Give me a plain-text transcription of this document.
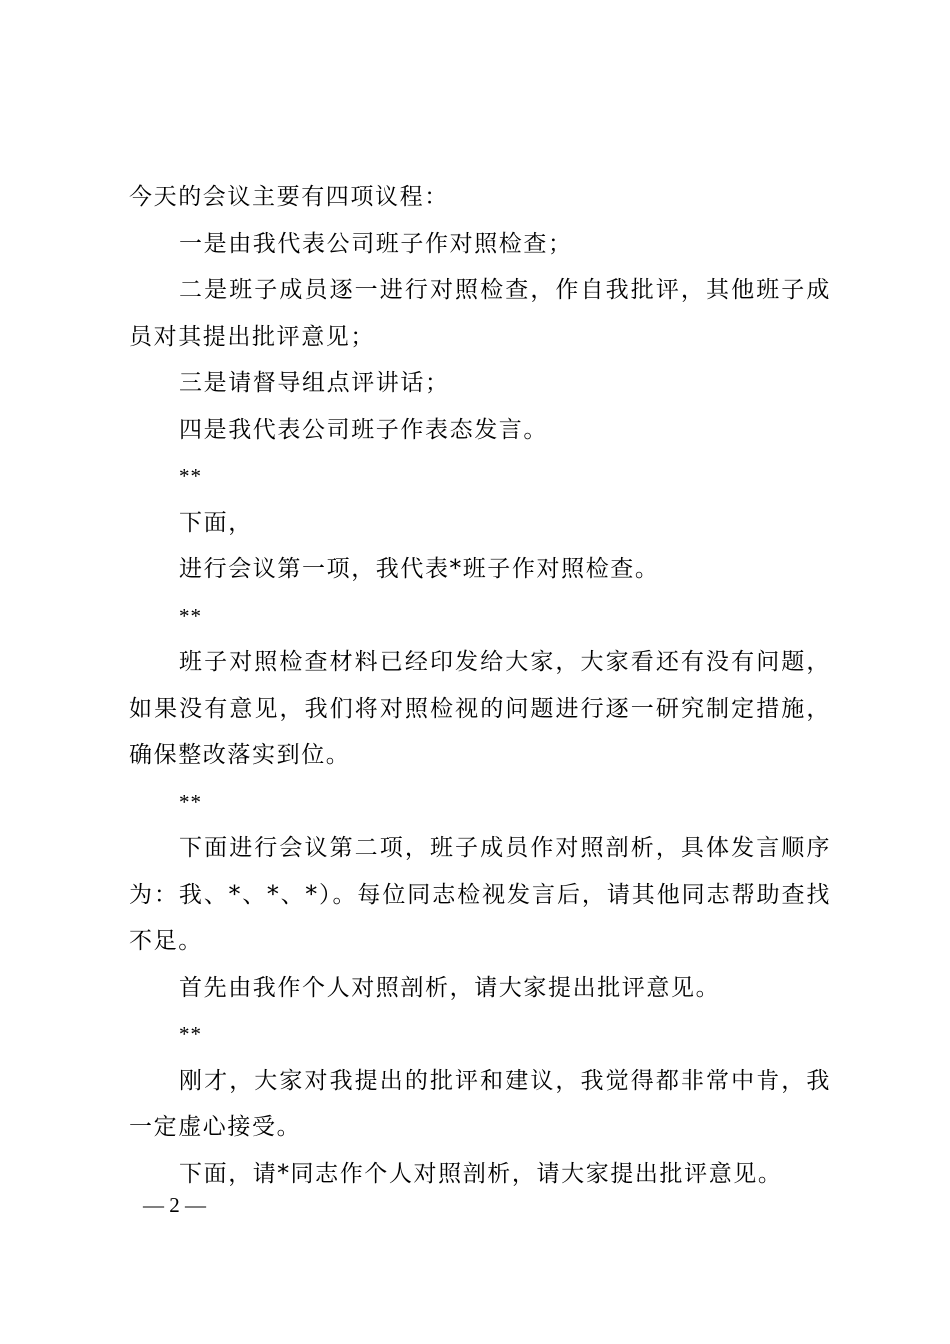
今天的会议主要有四项议程：

一是由我代表公司班子作对照检查；

二是班子成员逐一进行对照检查，作自我批评，其他班子成员对其提出批评意见；

三是请督导组点评讲话；

四是我代表公司班子作表态发言。

**

下面，

进行会议第一项，我代表*班子作对照检查。

**

班子对照检查材料已经印发给大家，大家看还有没有问题，如果没有意见，我们将对照检视的问题进行逐一研究制定措施，确保整改落实到位。

**

下面进行会议第二项，班子成员作对照剖析，具体发言顺序为：我、*、*、*）。每位同志检视发言后，请其他同志帮助查找不足。

首先由我作个人对照剖析，请大家提出批评意见。

**

刚才，大家对我提出的批评和建议，我觉得都非常中肯，我一定虚心接受。

下面，请*同志作个人对照剖析，请大家提出批评意见。

— 2 —
